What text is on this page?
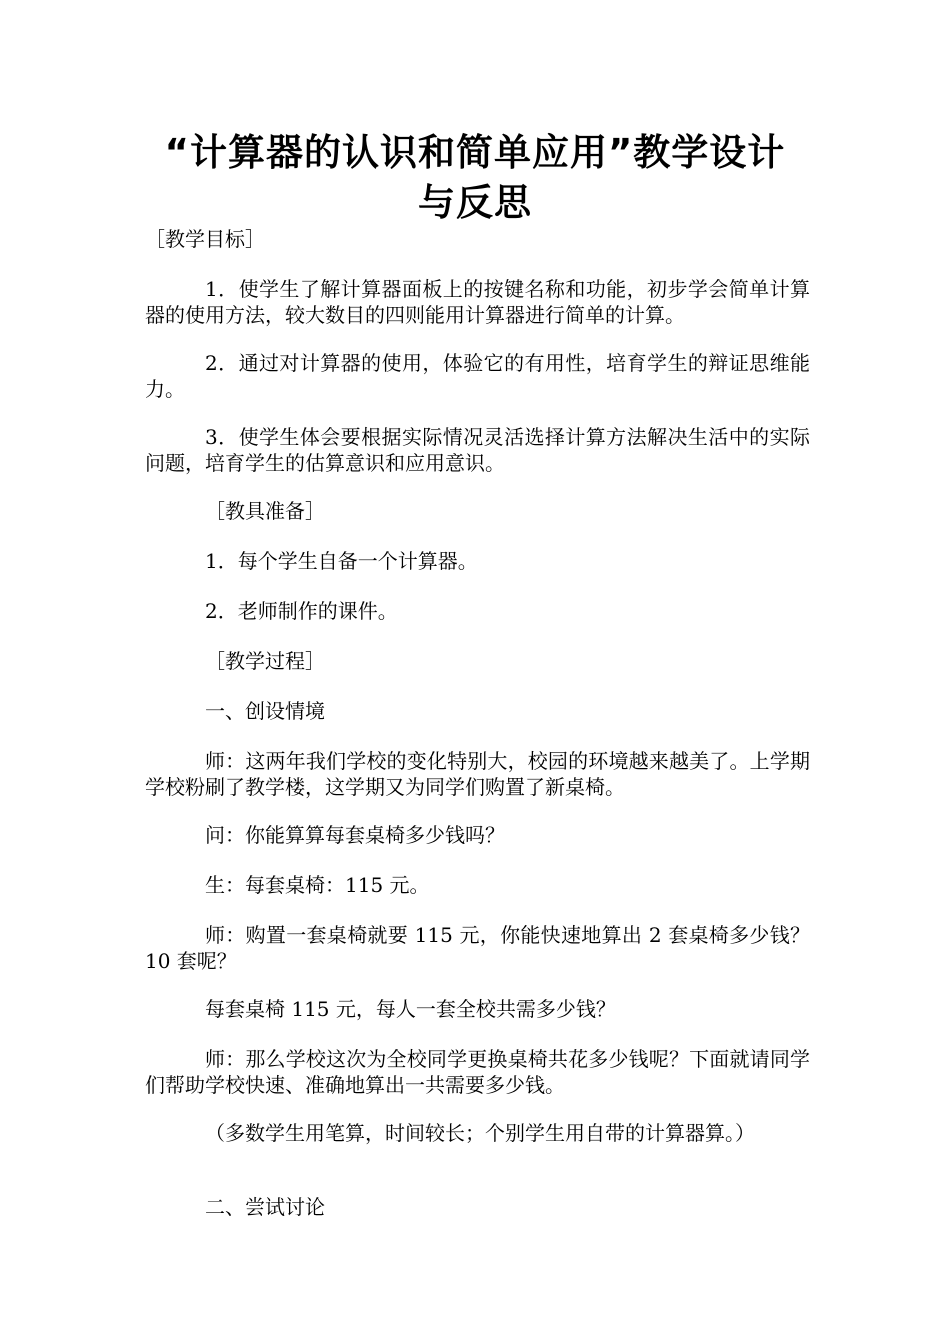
“计算器的认识和简单应用”教学设计
与反思

［教学目标］

1．使学生了解计算器面板上的按键名称和功能，初步学会简单计算器的使用方法，较大数目的四则能用计算器进行简单的计算。

2．通过对计算器的使用，体验它的有用性，培育学生的辩证思维能力。

3．使学生体会要根据实际情况灵活选择计算方法解决生活中的实际问题，培育学生的估算意识和应用意识。

［教具准备］

1．每个学生自备一个计算器。

2．老师制作的课件。

［教学过程］

一、创设情境

师：这两年我们学校的变化特别大，校园的环境越来越美了。上学期学校粉刷了教学楼，这学期又为同学们购置了新桌椅。

问：你能算算每套桌椅多少钱吗？

生：每套桌椅：115 元。

师：购置一套桌椅就要 115 元，你能快速地算出 2 套桌椅多少钱？10 套呢？

每套桌椅 115 元，每人一套全校共需多少钱？

师：那么学校这次为全校同学更换桌椅共花多少钱呢？下面就请同学们帮助学校快速、准确地算出一共需要多少钱。

（多数学生用笔算，时间较长；个别学生用自带的计算器算。）

二、尝试讨论
